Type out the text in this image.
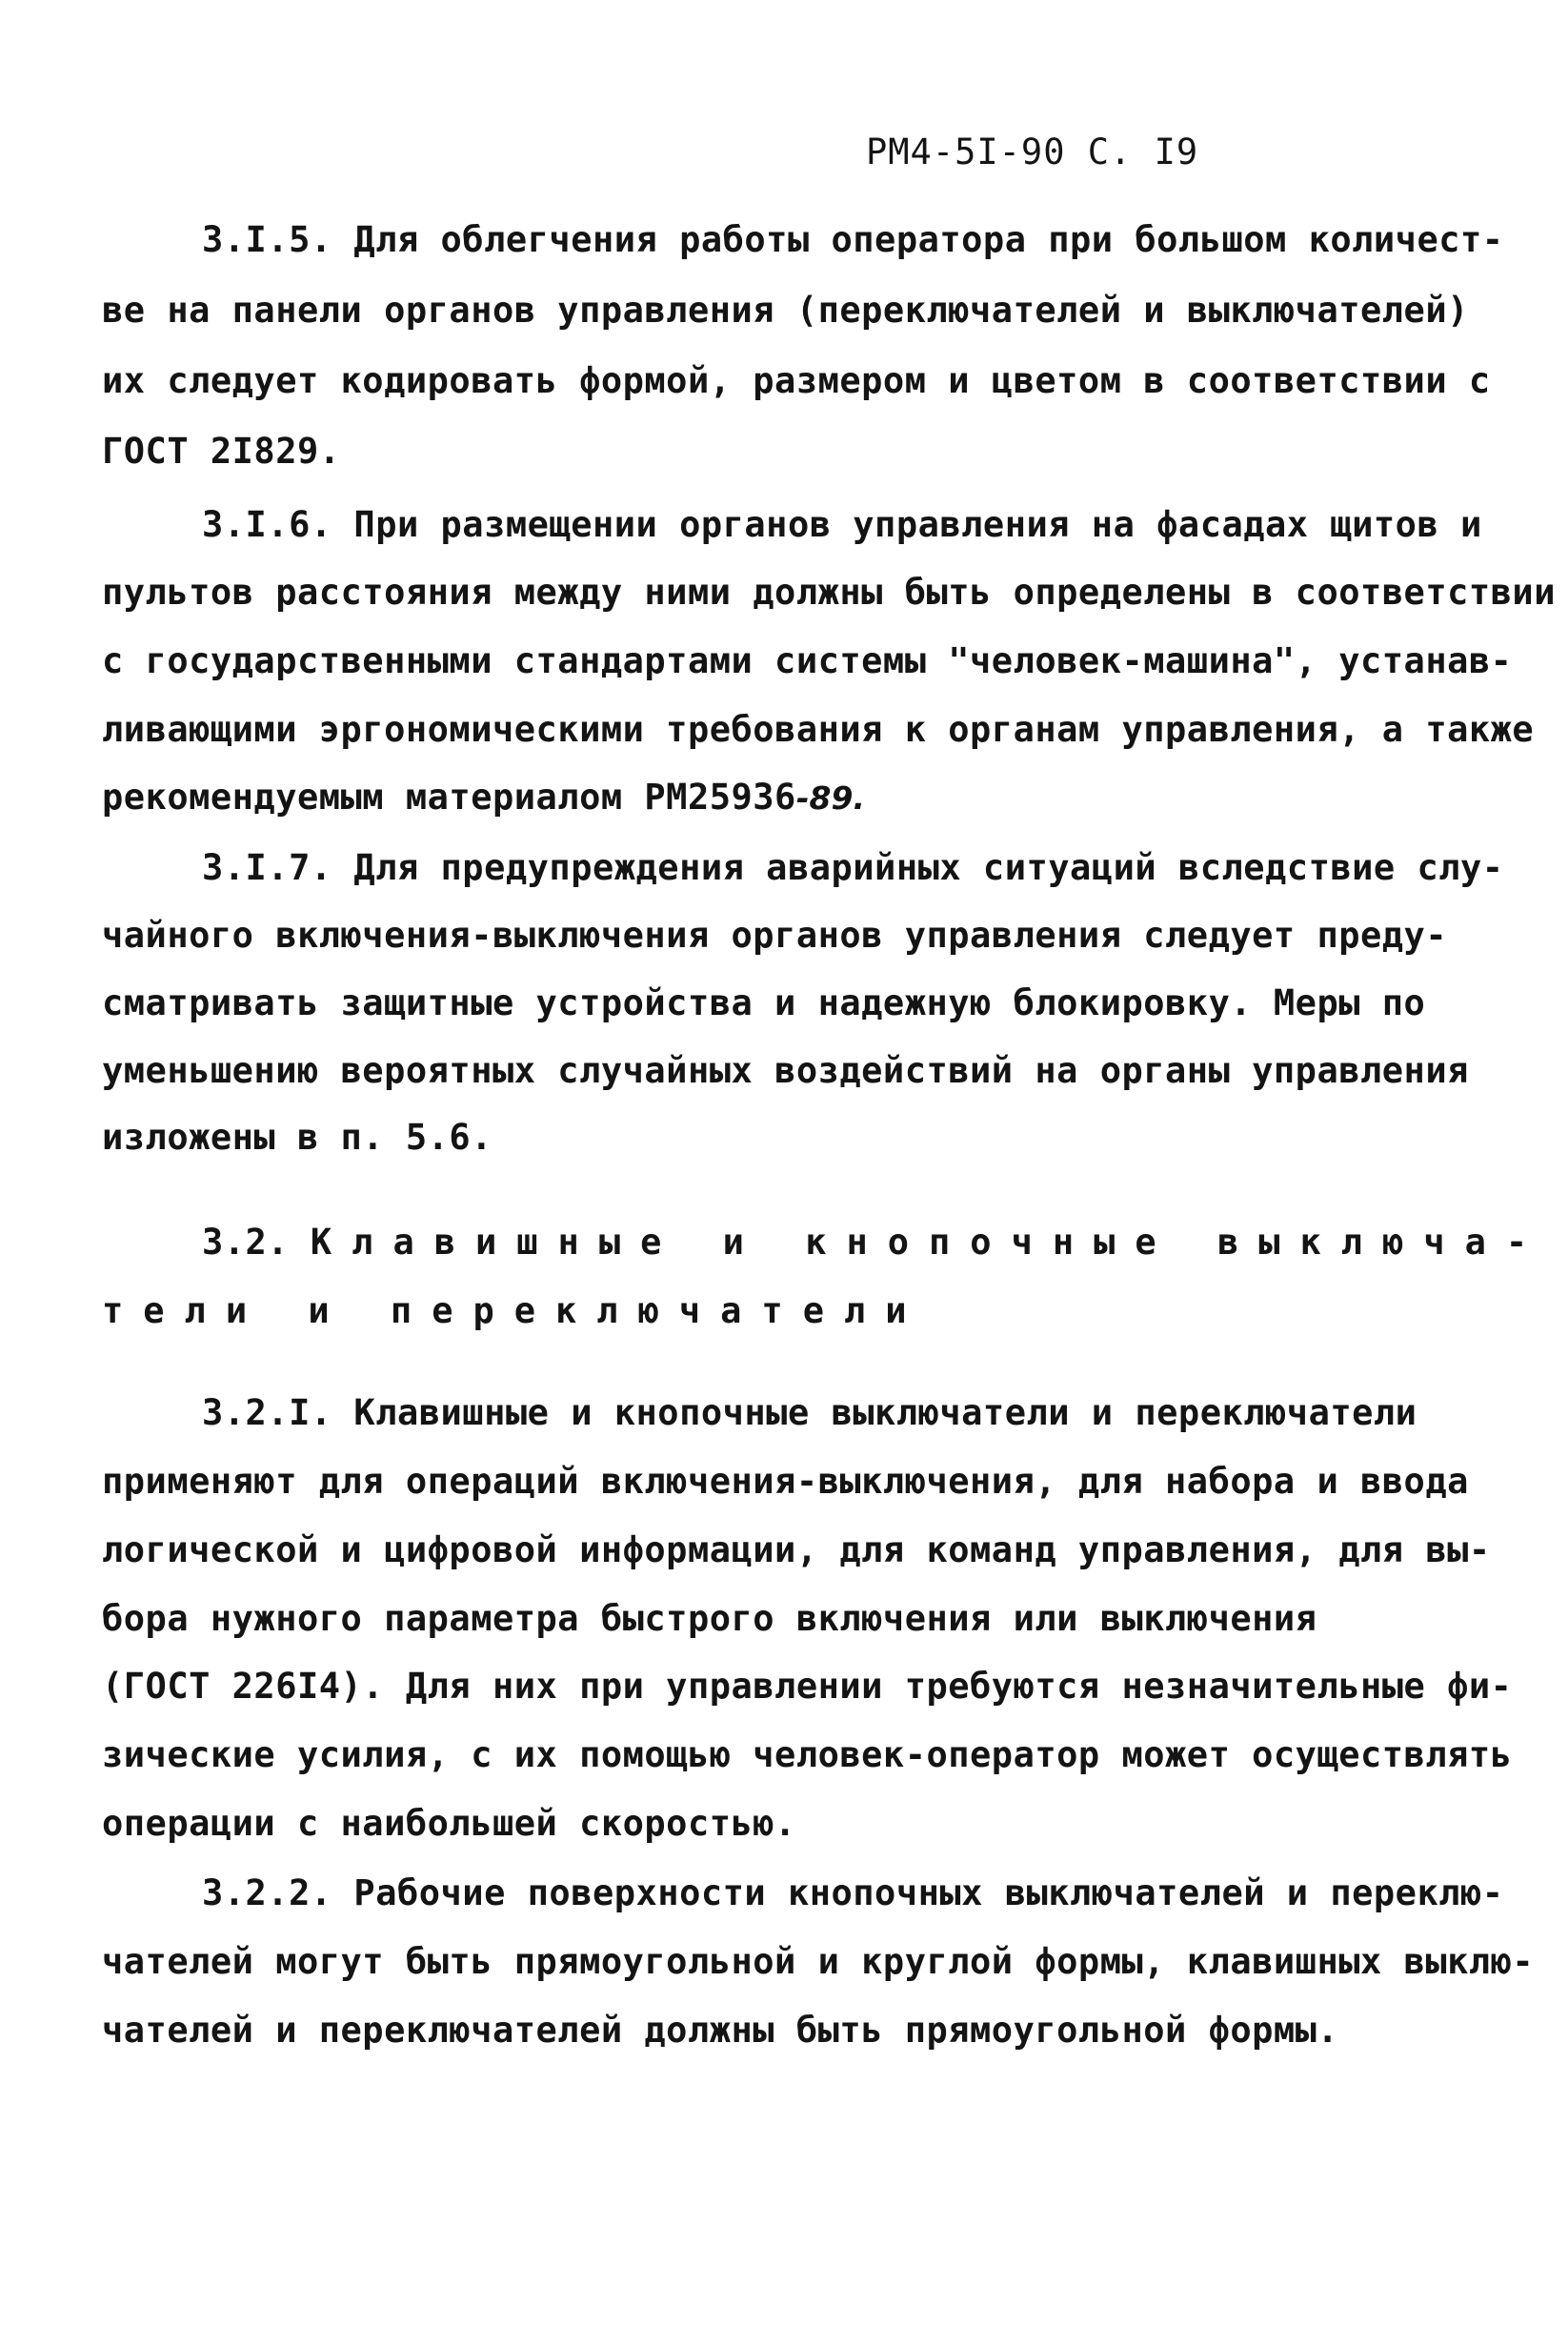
РМ4-5I-90 С. I9
3.I.5. Для облегчения работы оператора при большом количест-
ве на панели органов управления (переключателей и выключателей)
их следует кодировать формой, размером и цветом в соответствии с
ГОСТ 2I829.
3.I.6. При размещении органов управления на фасадах щитов и
пультов расстояния между ними должны быть определены в соответствии
с государственными стандартами системы "человек-машина", устанав-
ливающими эргономическими требования к органам управления, а также
рекомендуемым материалом РМ25936-89.
3.I.7. Для предупреждения аварийных ситуаций вследствие слу-
чайного включения-выключения органов управления следует преду-
сматривать защитные устройства и надежную блокировку. Меры по
уменьшению вероятных случайных воздействий на органы управления
изложены в п. 5.6.
3.2. Клавишные и кнопочные выключа-
тели и переключатели
3.2.I. Клавишные и кнопочные выключатели и переключатели
применяют для операций включения-выключения, для набора и ввода
логической и цифровой информации, для команд управления, для вы-
бора нужного параметра быстрого включения или выключения
(ГОСТ 226I4). Для них при управлении требуются незначительные фи-
зические усилия, с их помощью человек-оператор может осуществлять
операции с наибольшей скоростью.
3.2.2. Рабочие поверхности кнопочных выключателей и переклю-
чателей могут быть прямоугольной и круглой формы, клавишных выклю-
чателей и переключателей должны быть прямоугольной формы.
